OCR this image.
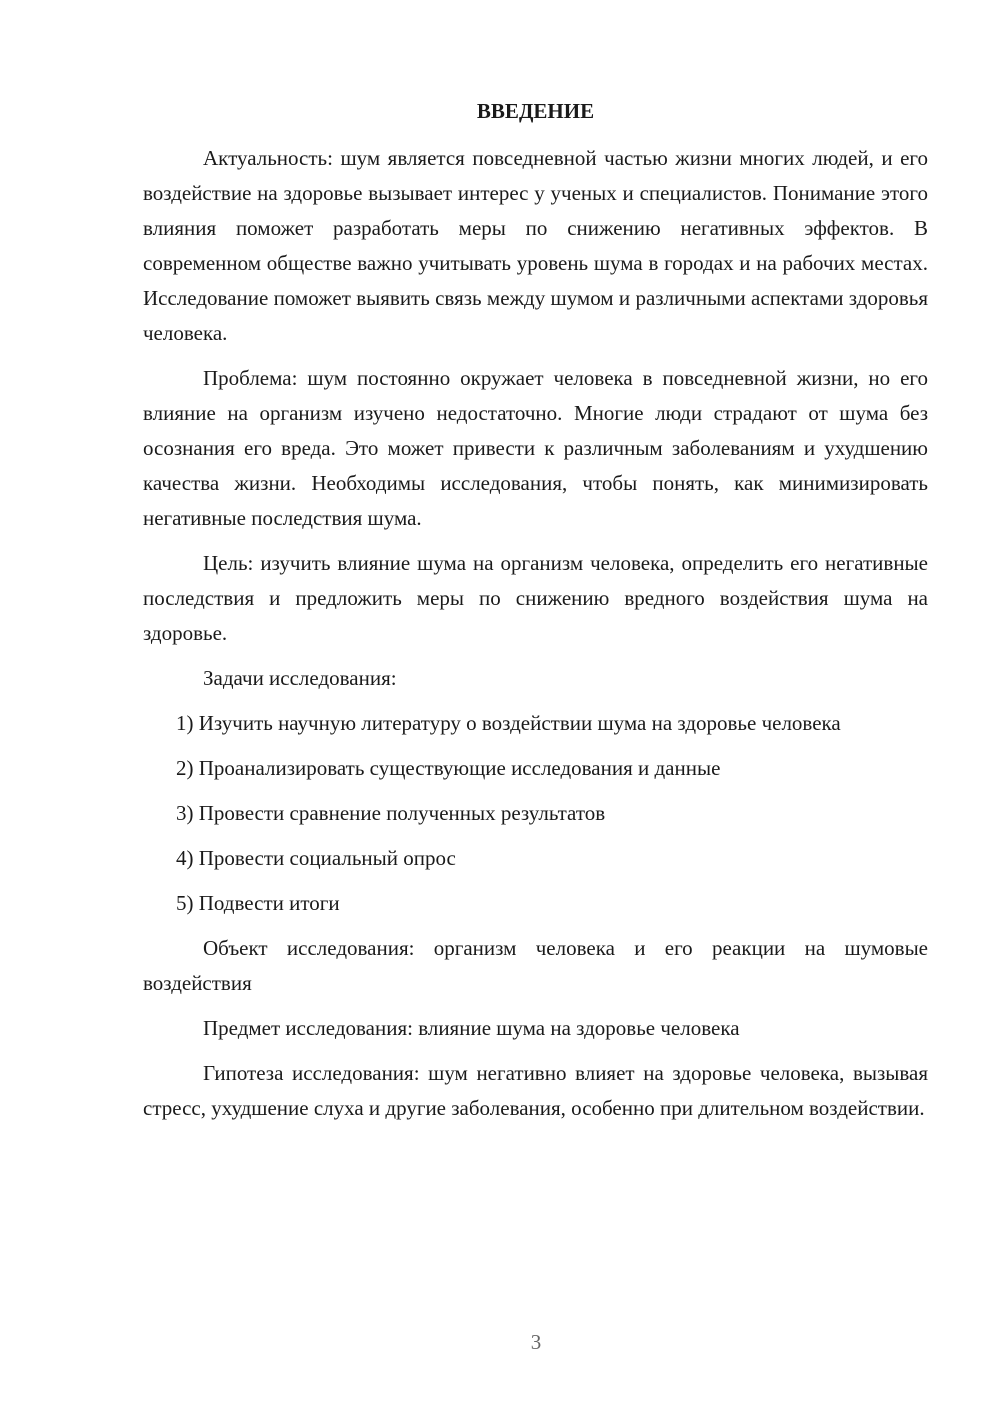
ВВЕДЕНИЕ

Актуальность: шум является повседневной частью жизни многих людей, и его воздействие на здоровье вызывает интерес у ученых и специалистов. Понимание этого влияния поможет разработать меры по снижению негативных эффектов. В современном обществе важно учитывать уровень шума в городах и на рабочих местах. Исследование поможет выявить связь между шумом и различными аспектами здоровья человека.

Проблема: шум постоянно окружает человека в повседневной жизни, но его влияние на организм изучено недостаточно. Многие люди страдают от шума без осознания его вреда. Это может привести к различным заболеваниям и ухудшению качества жизни. Необходимы исследования, чтобы понять, как минимизировать негативные последствия шума.

Цель: изучить влияние шума на организм человека, определить его негативные последствия и предложить меры по снижению вредного воздействия шума на здоровье.

Задачи исследования:

1) Изучить научную литературу о воздействии шума на здоровье человека

2) Проанализировать существующие исследования и данные

3) Провести сравнение полученных результатов

4) Провести социальный опрос

5) Подвести итоги

Объект исследования: организм человека и его реакции на шумовые воздействия

Предмет исследования: влияние шума на здоровье человека

Гипотеза исследования: шум негативно влияет на здоровье человека, вызывая стресс, ухудшение слуха и другие заболевания, особенно при длительном воздействии.

3
